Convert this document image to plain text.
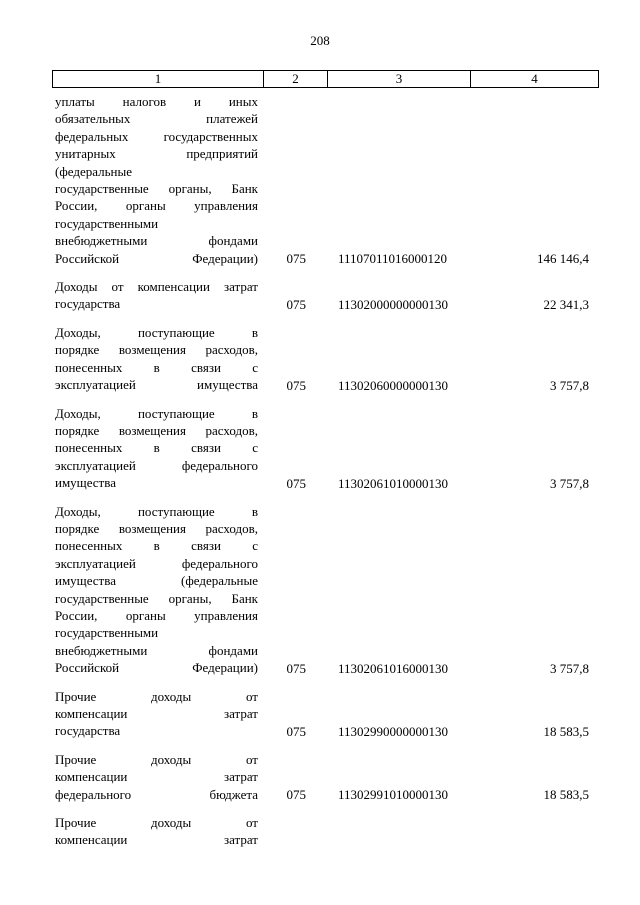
208
1	2	3	4
уплаты налогов и иных
обязательных платежей
федеральных государственных
унитарных предприятий
(федеральные
государственные органы, Банк
России, органы управления
государственными
внебюджетными фондами
Российской Федерации) 075 11107011016000120	146 146,4
Доходы от компенсации затрат
государства	075 11302000000000130	22 341,3
Доходы, поступающие в
порядке возмещения расходов,
понесенных в связи с
эксплуатацией имущества 075 11302060000000130	3 757,8
Доходы, поступающие в
порядке возмещения расходов,
понесенных в связи с
эксплуатацией федерального
имущества	075 11302061010000130	3 757,8
Доходы, поступающие в
порядке возмещения расходов,
понесенных в связи с
эксплуатацией федерального
имущества (федеральные
государственные органы, Банк
России, органы управления
государственными
внебюджетными фондами
Российской Федерации) 075 11302061016000130	3 757,8
Прочие доходы от
компенсации затрат
государства	075 11302990000000130	18 583,5
Прочие доходы от
компенсации затрат
федерального бюджета 075 11302991010000130	18 583,5
Прочие доходы от
компенсации затрат
